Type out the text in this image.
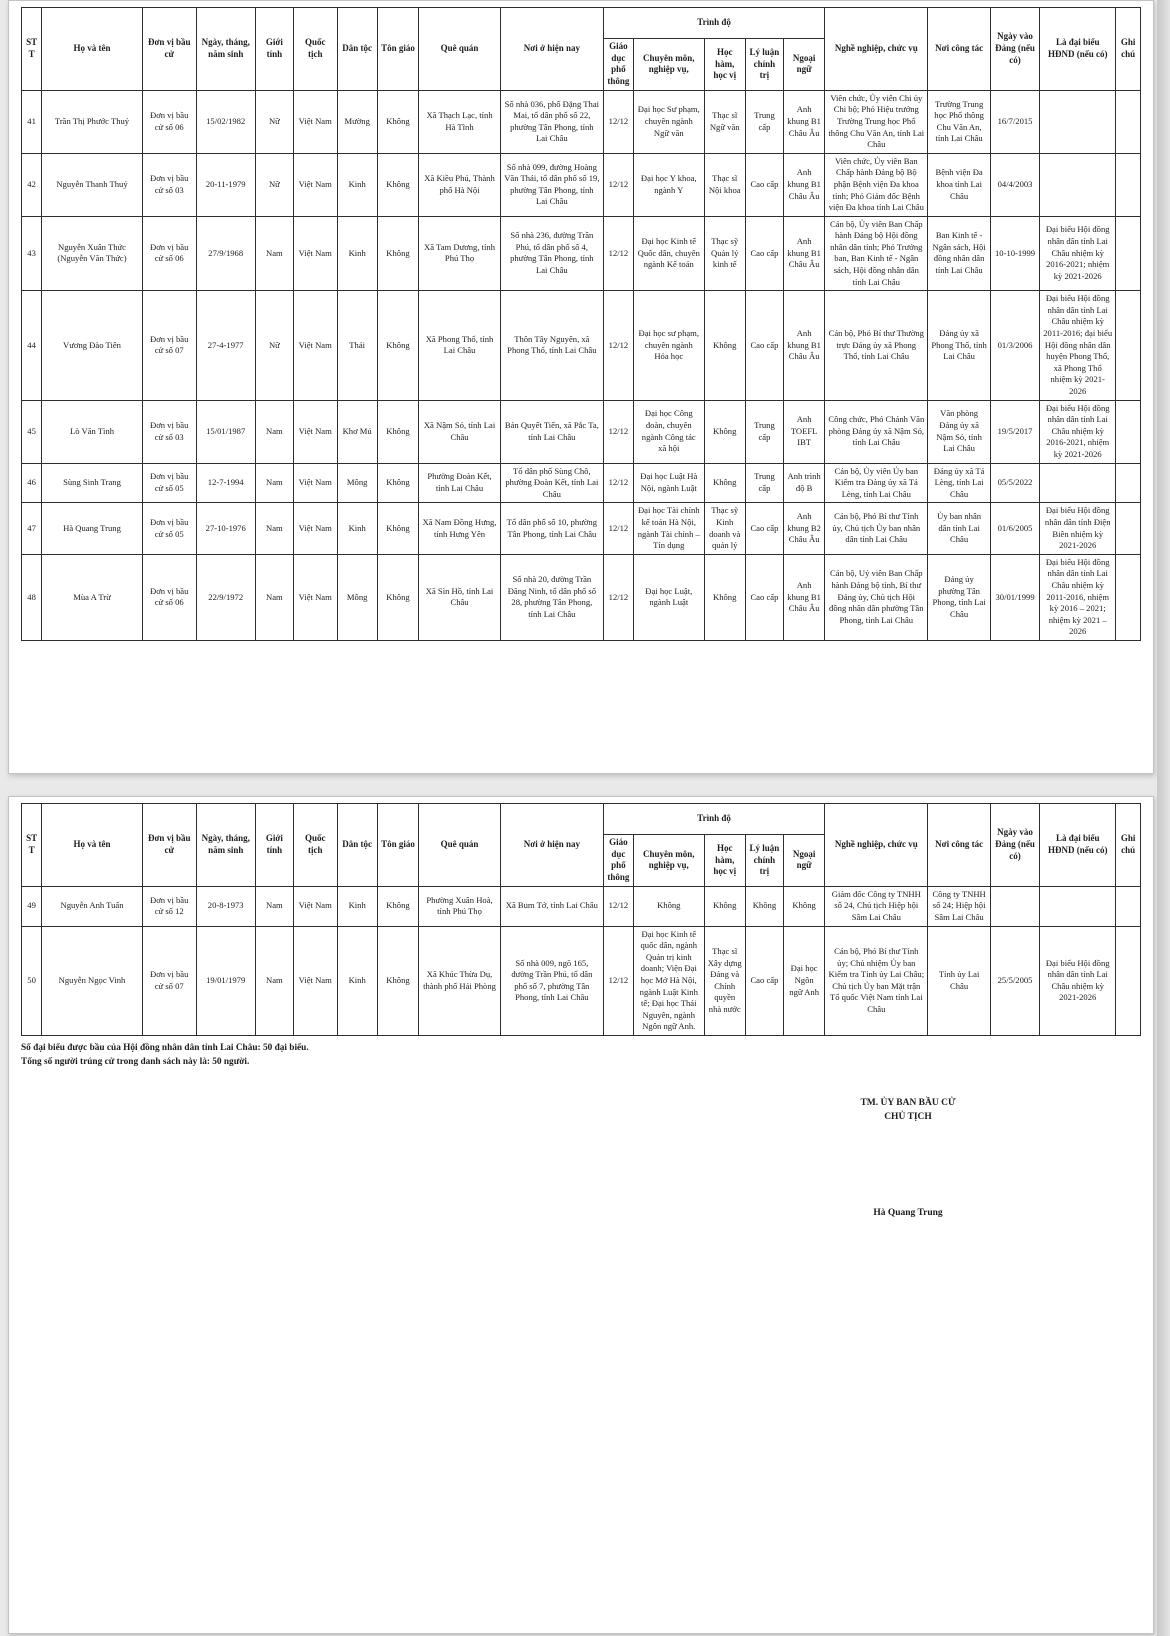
STT	Họ và tên	Đơn vị bầu cử	Ngày, tháng, năm sinh	Giới tính	Quốc tịch	Dân tộc	Tôn giáo	Quê quán	Nơi ở hiện nay	Trình độ					Nghề nghiệp, chức vụ	Nơi công tác	Ngày vào Đảng (nếu có)	Là đại biểu HĐND (nếu có)	Ghi chú
										Giáo dục phổ thông	Chuyên môn, nghiệp vụ,	Học hàm, học vị	Lý luận chính trị	Ngoại ngữ					
41	Trần Thị Phước Thuỷ	Đơn vị bầu cử số 06	15/02/1982	Nữ	Việt Nam	Mường	Không	Xã Thạch Lạc, tỉnh Hà Tĩnh	Số nhà 036, phố Đặng Thai Mai, tổ dân phố số 22, phường Tân Phong, tỉnh Lai Châu	12/12	Đại học Sư phạm, chuyên ngành Ngữ văn	Thạc sĩ Ngữ văn	Trung cấp	Anh khung B1 Châu Âu	Viên chức, Ủy viên Chi ủy Chi bộ; Phó Hiệu trưởng Trường Trung học Phổ thông Chu Văn An, tỉnh Lai Châu	Trường Trung học Phổ thông Chu Văn An, tỉnh Lai Châu	16/7/2015		
42	Nguyễn Thanh Thuỷ	Đơn vị bầu cử số 03	20-11-1979	Nữ	Việt Nam	Kinh	Không	Xã Kiều Phú, Thành phố Hà Nội	Số nhà 099, đường Hoàng Văn Thái, tổ dân phố số 19, phường Tân Phong, tỉnh Lai Châu	12/12	Đại học Y khoa, ngành Y	Thạc sĩ Nội khoa	Cao cấp	Anh khung B1 Châu Âu	Viên chức, Ủy viên Ban Chấp hành Đảng bộ Bộ phận Bệnh viện Đa khoa tỉnh; Phó Giám đốc Bệnh viện Đa khoa tỉnh Lai Châu	Bệnh viện Đa khoa tỉnh Lai Châu	04/4/2003		
43	Nguyễn Xuân Thức (Nguyễn Văn Thức)	Đơn vị bầu cử số 06	27/9/1968	Nam	Việt Nam	Kinh	Không	Xã Tam Dương, tỉnh Phú Thọ	Số nhà 236, đường Trần Phú, tổ dân phố số 4, phường Tân Phong, tỉnh Lai Châu	12/12	Đại học Kinh tế Quốc dân, chuyên ngành Kế toán	Thạc sỹ Quản lý kinh tế	Cao cấp	Anh khung B1 Châu Âu	Cán bộ, Ủy viên Ban Chấp hành Đảng bộ Hội đồng nhân dân tỉnh; Phó Trưởng ban, Ban Kinh tế - Ngân sách, Hội đồng nhân dân tỉnh Lai Châu	Ban Kinh tế - Ngân sách, Hội đồng nhân dân tỉnh Lai Châu	10-10-1999	Đại biểu Hội đồng nhân dân tỉnh Lai Châu nhiệm kỳ 2016-2021; nhiệm kỳ 2021-2026	
44	Vương Đào Tiên	Đơn vị bầu cử số 07	27-4-1977	Nữ	Việt Nam	Thái	Không	Xã Phong Thổ, tỉnh Lai Châu	Thôn Tây Nguyên, xã Phong Thổ, tỉnh Lai Châu	12/12	Đại học sư phạm, chuyên ngành Hóa học	Không	Cao cấp	Anh khung B1 Châu Âu	Cán bộ, Phó Bí thư Thường trực Đảng ủy xã Phong Thổ, tỉnh Lai Châu	Đảng ủy xã Phong Thổ, tỉnh Lai Châu	01/3/2006	Đại biểu Hội đồng nhân dân tỉnh Lai Châu nhiệm kỳ 2011-2016; đại biểu Hội đồng nhân dân huyện Phong Thổ, xã Phong Thổ nhiệm kỳ 2021-2026	
45	Lò Văn Tình	Đơn vị bầu cử số 03	15/01/1987	Nam	Việt Nam	Khơ Mú	Không	Xã Nậm Sỏ, tỉnh Lai Châu	Bản Quyết Tiến, xã Pắc Ta, tỉnh Lai Châu	12/12	Đại học Công đoàn, chuyên ngành Công tác xã hội	Không	Trung cấp	Anh TOEFL IBT	Công chức, Phó Chánh Văn phòng Đảng ủy xã Nậm Sỏ, tỉnh Lai Châu	Văn phòng Đảng ủy xã Nậm Sỏ, tỉnh Lai Châu	19/5/2017	Đại biểu Hội đồng nhân dân tỉnh Lai Châu nhiệm kỳ 2016-2021, nhiệm kỳ 2021-2026	
46	Sùng Sinh Trang	Đơn vị bầu cử số 05	12-7-1994	Nam	Việt Nam	Mông	Không	Phường Đoàn Kết, tỉnh Lai Châu	Tổ dân phố Sùng Chô, phường Đoàn Kết, tỉnh Lai Châu	12/12	Đại học Luật Hà Nội, ngành Luật	Không	Trung cấp	Anh trình độ B	Cán bộ, Ủy viên Ủy ban Kiểm tra Đảng ủy xã Tả Lèng, tỉnh Lai Châu	Đảng ủy xã Tả Lèng, tỉnh Lai Châu	05/5/2022		
47	Hà Quang Trung	Đơn vị bầu cử số 05	27-10-1976	Nam	Việt Nam	Kinh	Không	Xã Nam Đồng Hưng, tỉnh Hưng Yên	Tổ dân phố số 10, phường Tân Phong, tỉnh Lai Châu	12/12	Đại học Tài chính kế toán Hà Nội, ngành Tài chính – Tín dụng	Thạc sỹ Kinh doanh và quản lý	Cao cấp	Anh khung B2 Châu Âu	Cán bộ, Phó Bí thư Tỉnh ủy, Chủ tịch Ủy ban nhân dân tỉnh Lai Châu	Ủy ban nhân dân tỉnh Lai Châu	01/6/2005	Đại biểu Hội đồng nhân dân tỉnh Điện Biên nhiệm kỳ 2021-2026	
48	Mùa A Trừ	Đơn vị bầu cử số 06	22/9/1972	Nam	Việt Nam	Mông	Không	Xã Sìn Hồ, tỉnh Lai Châu	Số nhà 20, đường Trần Đăng Ninh, tổ dân phố số 28, phường Tân Phong, tỉnh Lai Châu	12/12	Đại học Luật, ngành Luật	Không	Cao cấp	Anh khung B1 Châu Âu	Cán bộ, Uỷ viên Ban Chấp hành Đảng bộ tỉnh, Bí thư Đảng ủy, Chủ tịch Hội đồng nhân dân phường Tân Phong, tỉnh Lai Châu	Đảng ủy phường Tân Phong, tỉnh Lai Châu	30/01/1999	Đại biểu Hội đồng nhân dân tỉnh Lai Châu nhiệm kỳ 2011-2016, nhiệm kỳ 2016 – 2021; nhiệm kỳ 2021 – 2026	
STT	Họ và tên	Đơn vị bầu cử	Ngày, tháng, năm sinh	Giới tính	Quốc tịch	Dân tộc	Tôn giáo	Quê quán	Nơi ở hiện nay	Trình độ					Nghề nghiệp, chức vụ	Nơi công tác	Ngày vào Đảng (nếu có)	Là đại biểu HĐND (nếu có)	Ghi chú
										Giáo dục phổ thông	Chuyên môn, nghiệp vụ,	Học hàm, học vị	Lý luận chính trị	Ngoại ngữ					
49	Nguyễn Anh Tuấn	Đơn vị bầu cử số 12	20-8-1973	Nam	Việt Nam	Kinh	Không	Phường Xuân Hoà, tỉnh Phú Thọ	Xã Bum Tở, tỉnh Lai Châu	12/12	Không	Không	Không	Không	Giám đốc Công ty TNHH số 24, Chủ tịch Hiệp hội Sâm Lai Châu	Công ty TNHH số 24; Hiệp hội Sâm Lai Châu			
50	Nguyễn Ngọc Vinh	Đơn vị bầu cử số 07	19/01/1979	Nam	Việt Nam	Kinh	Không	Xã Khúc Thừa Dụ, thành phố Hải Phòng	Số nhà 009, ngõ 165, đường Trần Phú, tổ dân phố số 7, phường Tân Phong, tỉnh Lai Châu	12/12	Đại học Kinh tế quốc dân, ngành Quản trị kinh doanh; Viện Đại học Mở Hà Nội, ngành Luật Kinh tế; Đại học Thái Nguyên, ngành Ngôn ngữ Anh.	Thạc sĩ Xây dựng Đảng và Chính quyền nhà nước	Cao cấp	Đại học Ngôn ngữ Anh	Cán bộ, Phó Bí thư Tỉnh ủy; Chủ nhiệm Ủy ban Kiểm tra Tỉnh ủy Lai Châu; Chủ tịch Ủy ban Mặt trận Tổ quốc Việt Nam tỉnh Lai Châu	Tỉnh ủy Lai Châu	25/5/2005	Đại biểu Hội đồng nhân dân tỉnh Lai Châu nhiệm kỳ 2021-2026	
Số đại biểu được bầu của Hội đồng nhân dân tỉnh Lai Châu: 50 đại biểu.
Tổng số người trúng cử trong danh sách này là: 50 người.
TM. ỦY BAN BẦU CỬ
CHỦ TỊCH
Hà Quang Trung
